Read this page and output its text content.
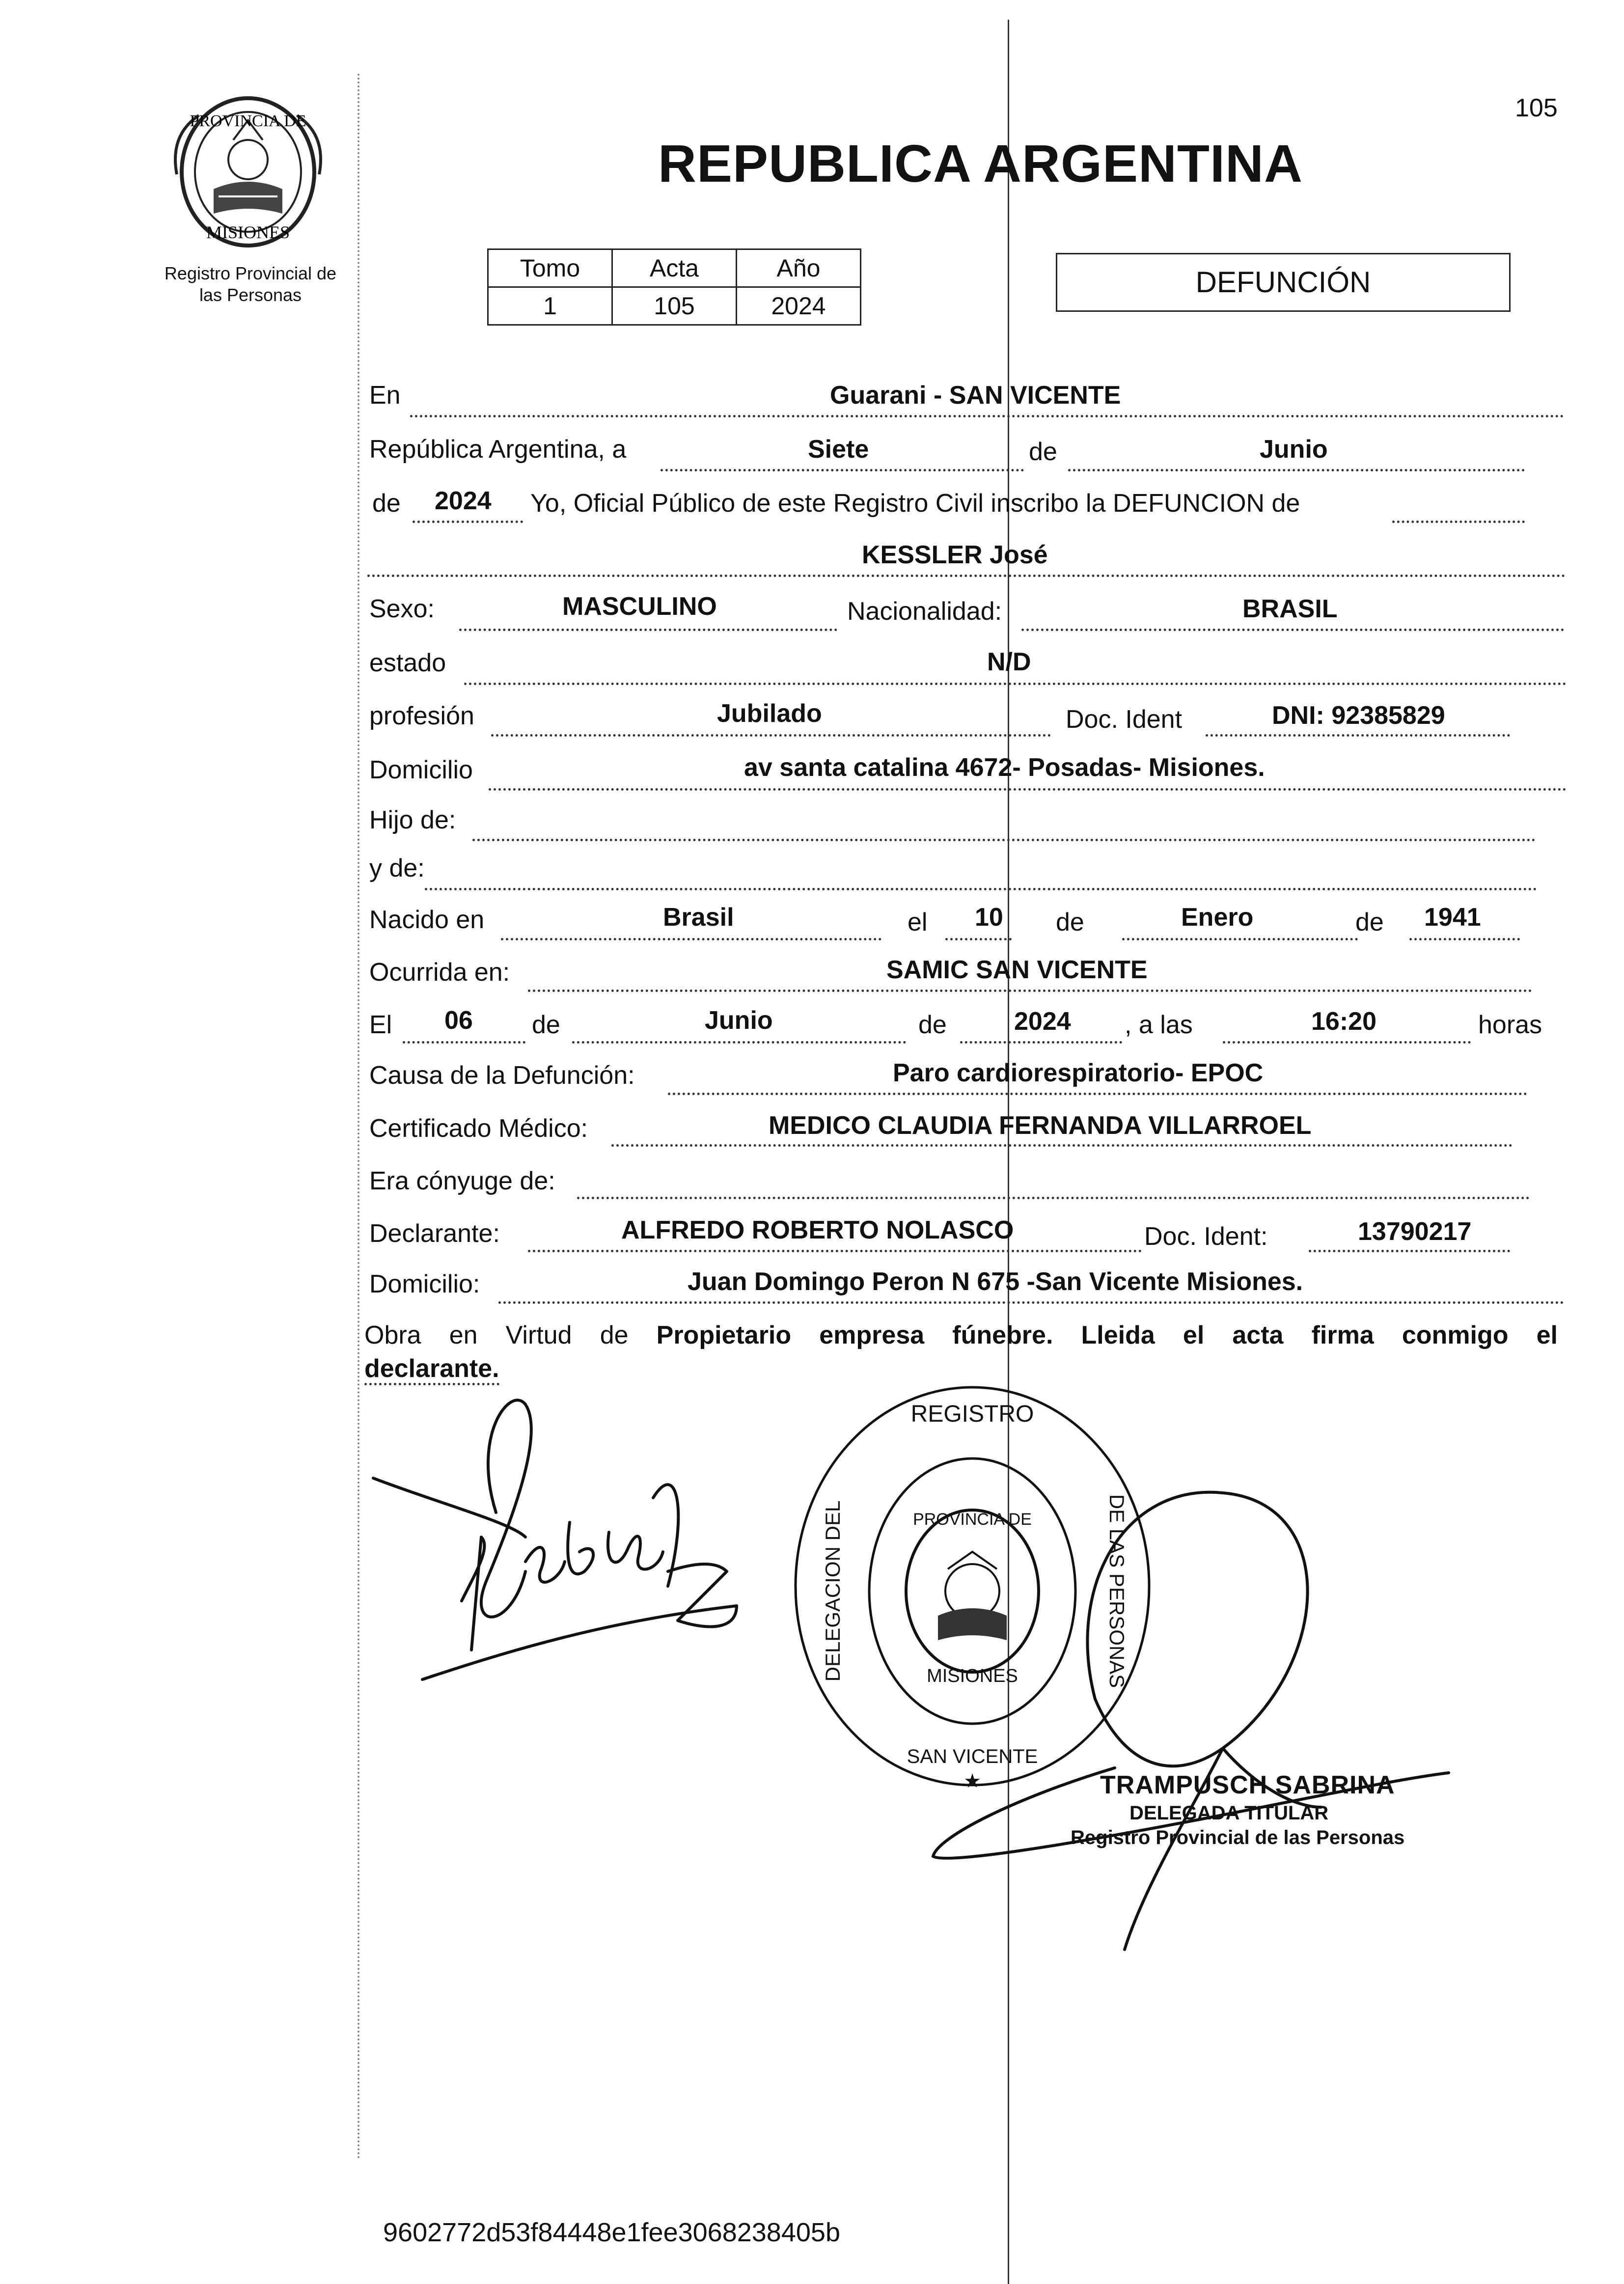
105
REPUBLICA ARGENTINA
PROVINCIA DE
MISIONES
Registro Provincial de
las Personas
Tomo	Acta	Año
1	105	2024
DEFUNCIÓN
En	Guarani - SAN VICENTE
República Argentina, a	Siete	de	Junio
de 2024 Yo, Oficial Público de este Registro Civil inscribo la DEFUNCION de
KESSLER José
Sexo:	MASCULINO	Nacionalidad:	BRASIL
estado	N/D
profesión	Jubilado	Doc. Ident	DNI: 92385829
Domicilio	av santa catalina 4672- Posadas- Misiones.
Hijo de:
y de:
Nacido en	Brasil	el 10 de	Enero	de 1941
Ocurrida en:	SAMIC SAN VICENTE
El 06 de	Junio	de	2024 , a las	16:20	horas
Causa de la Defunción:	Paro cardiorespiratorio- EPOC
Certificado Médico:	MEDICO CLAUDIA FERNANDA VILLARROEL
Era cónyuge de:
Declarante:	ALFREDO ROBERTO NOLASCO	Doc. Ident:	13790217
Domicilio:	Juan Domingo Peron N 675 -San Vicente Misiones.
Obra en Virtud de Propietario empresa fúnebre. Lleida el acta firma conmigo el
declarante.
REGISTRO
DELEGACION DEL	DE LAS PERSONAS
SAN VICENTE
PROVINCIA DE
MISIONES
★	TRAMPUSCH SABRINA
DELEGADA TITULAR
Registro Provincial de las Personas
9602772d53f84448e1fee3068238405b
